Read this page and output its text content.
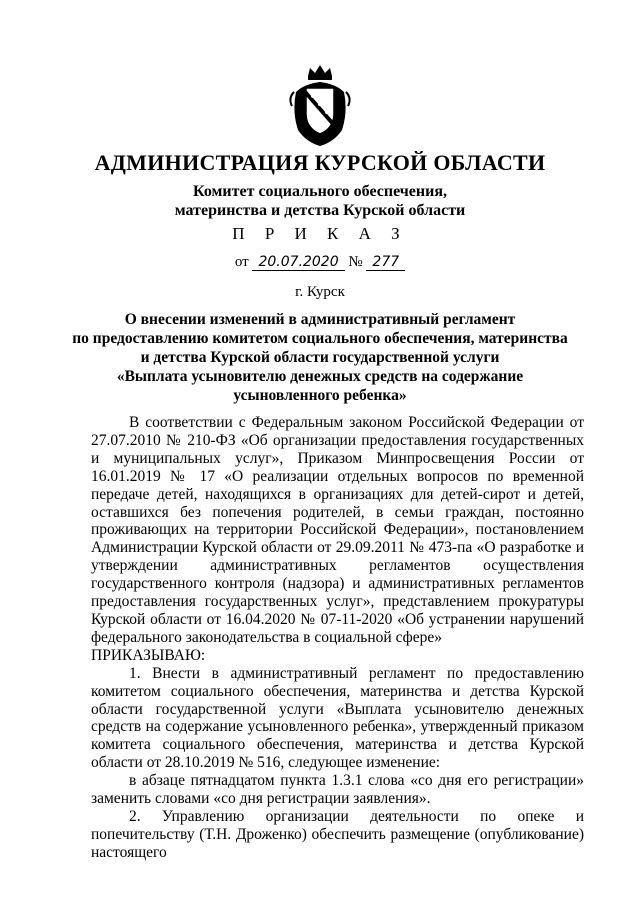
АДМИНИСТРАЦИЯ КУРСКОЙ ОБЛАСТИ
Комитет социального обеспечения,
материнства и детства Курской области
П Р И К А З
от 20.07.2020 № 277
г. Курск
О внесении изменений в административный регламент
по предоставлению комитетом социального обеспечения, материнства
и детства Курской области государственной услуги
«Выплата усыновителю денежных средств на содержание
усыновленного ребенка»

В соответствии с Федеральным законом Российской Федерации от 27.07.2010 № 210-ФЗ «Об организации предоставления государственных и муниципальных услуг», Приказом Минпросвещения России от 16.01.2019 № 17 «О реализации отдельных вопросов по временной передаче детей, находящихся в организациях для детей-сирот и детей, оставшихся без попечения родителей, в семьи граждан, постоянно проживающих на территории Российской Федерации», постановлением Администрации Курской области от 29.09.2011 № 473-па «О разработке и утверждении административных регламентов осуществления государственного контроля (надзора) и административных регламентов предоставления государственных услуг», представлением прокуратуры Курской области от 16.04.2020 № 07-11-2020 «Об устранении нарушений федерального законодательства в социальной сфере»

ПРИКАЗЫВАЮ:

1. Внести в административный регламент по предоставлению комитетом социального обеспечения, материнства и детства Курской области государственной услуги «Выплата усыновителю денежных средств на содержание усыновленного ребенка», утвержденный приказом комитета социального обеспечения, материнства и детства Курской области от 28.10.2019 № 516, следующее изменение:

в абзаце пятнадцатом пункта 1.3.1 слова «со дня его регистрации» заменить словами «со дня регистрации заявления».

2. Управлению организации деятельности по опеке и попечительству (Т.Н. Дроженко) обеспечить размещение (опубликование) настоящего
